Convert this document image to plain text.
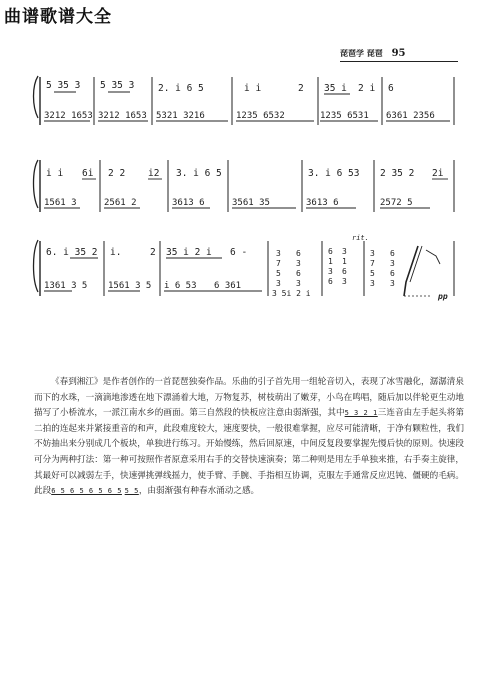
曲谱歌谱大全
琵琶学 琵琶 95
5 35 3 5 35 3 2. i 6 5	i i	2 35 i 2 i 6
3212 1653 3212 1653 5321 3216	1235 6532	1235 6531 6361 2356
i i 6i 2 2 i2 3. i 6 5	3. i 6 53 2 35 2 2i
1561 3	2561 2	3613 6	3561 35	3613 6	2572 5
rit.
6. i 35 2 i.	2 35 i 2 i 6 -	3
7
5
3
6
3
6
3
6
1
3
6
3
1
6
3
3
7
5
3
6
3
6
3
pp
1361 3 5 1561 3 5 i 6 53 6 361
3 5i 2 i

《春到湘江》是作者创作的一首琵琶独奏作品。乐曲的引子首先用一组轮音切入，表现了冰雪融化，潺潺清泉而下的水珠，一滴滴地渗透在地下漂涌着大地，万物复苏，树枝萌出了嫩芽，小鸟在鸣唱，随后加以伴轮更生动地描写了小桥流水，一派江南水乡的画面。第三自然段的快板应注意由弱渐强，其中5 3 2 1三连音由左手起头将第二拍的连起来并紧接重音的和声，此段难度较大，速度要快，一般很难掌握，应尽可能清晰，于净有颗粒性，我们不妨抽出来分别成几个板块，单独进行练习。开始慢练，然后回原速，中间反复段要掌握先慢后快的原则。快速段可分为两种打法：第一种可按照作者原意采用右手的交替快速演奏；第二种则是用左手单独来推，右手奏主旋律，其最好可以减弱左手，快速弹挑弹线摇力，使手臂、手腕、手指相互协调，克服左手通常反应迟钝、僵硬的毛病。此段6 5 6 5 6 5 6 5 5 5，由弱渐强有种春水涌动之感。
